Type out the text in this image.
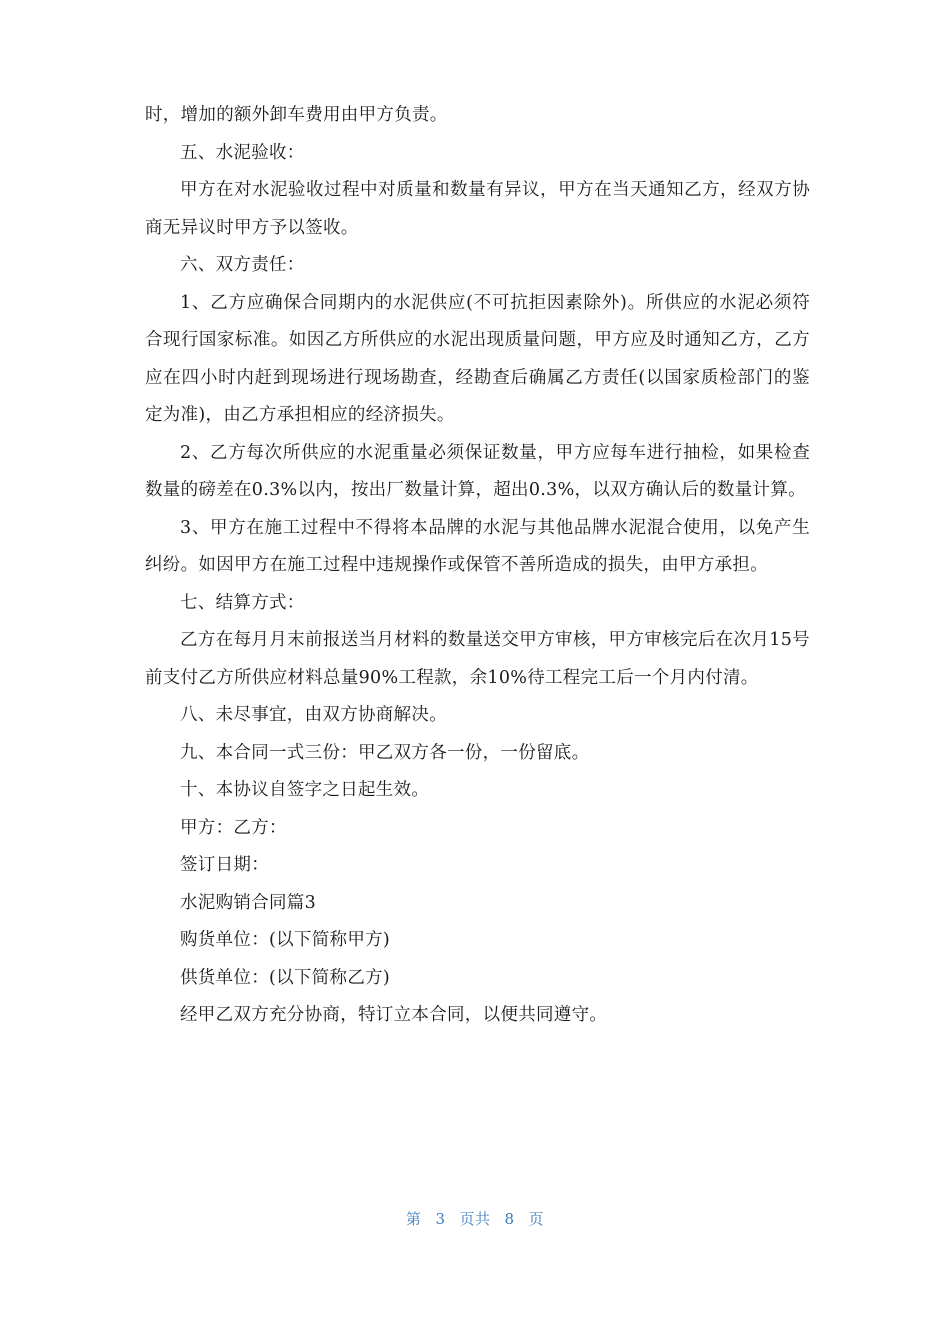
时，增加的额外卸车费用由甲方负责。

五、水泥验收：

甲方在对水泥验收过程中对质量和数量有异议，甲方在当天通知乙方，经双方协商无异议时甲方予以签收。

六、双方责任：

1、乙方应确保合同期内的水泥供应(不可抗拒因素除外)。所供应的水泥必须符合现行国家标准。如因乙方所供应的水泥出现质量问题，甲方应及时通知乙方，乙方应在四小时内赶到现场进行现场勘查，经勘查后确属乙方责任(以国家质检部门的鉴定为准)，由乙方承担相应的经济损失。

2、乙方每次所供应的水泥重量必须保证数量，甲方应每车进行抽检，如果检查数量的磅差在0.3%以内，按出厂数量计算，超出0.3%，以双方确认后的数量计算。

3、甲方在施工过程中不得将本品牌的水泥与其他品牌水泥混合使用，以免产生纠纷。如因甲方在施工过程中违规操作或保管不善所造成的损失，由甲方承担。

七、结算方式：

乙方在每月月末前报送当月材料的数量送交甲方审核，甲方审核完后在次月15号前支付乙方所供应材料总量90%工程款，余10%待工程完工后一个月内付清。

八、未尽事宜，由双方协商解决。

九、本合同一式三份：甲乙双方各一份，一份留底。

十、本协议自签字之日起生效。

甲方：乙方：

签订日期：

水泥购销合同篇3

购货单位：(以下简称甲方)

供货单位：(以下简称乙方)

经甲乙双方充分协商，特订立本合同，以便共同遵守。

第 3 页共 8 页
